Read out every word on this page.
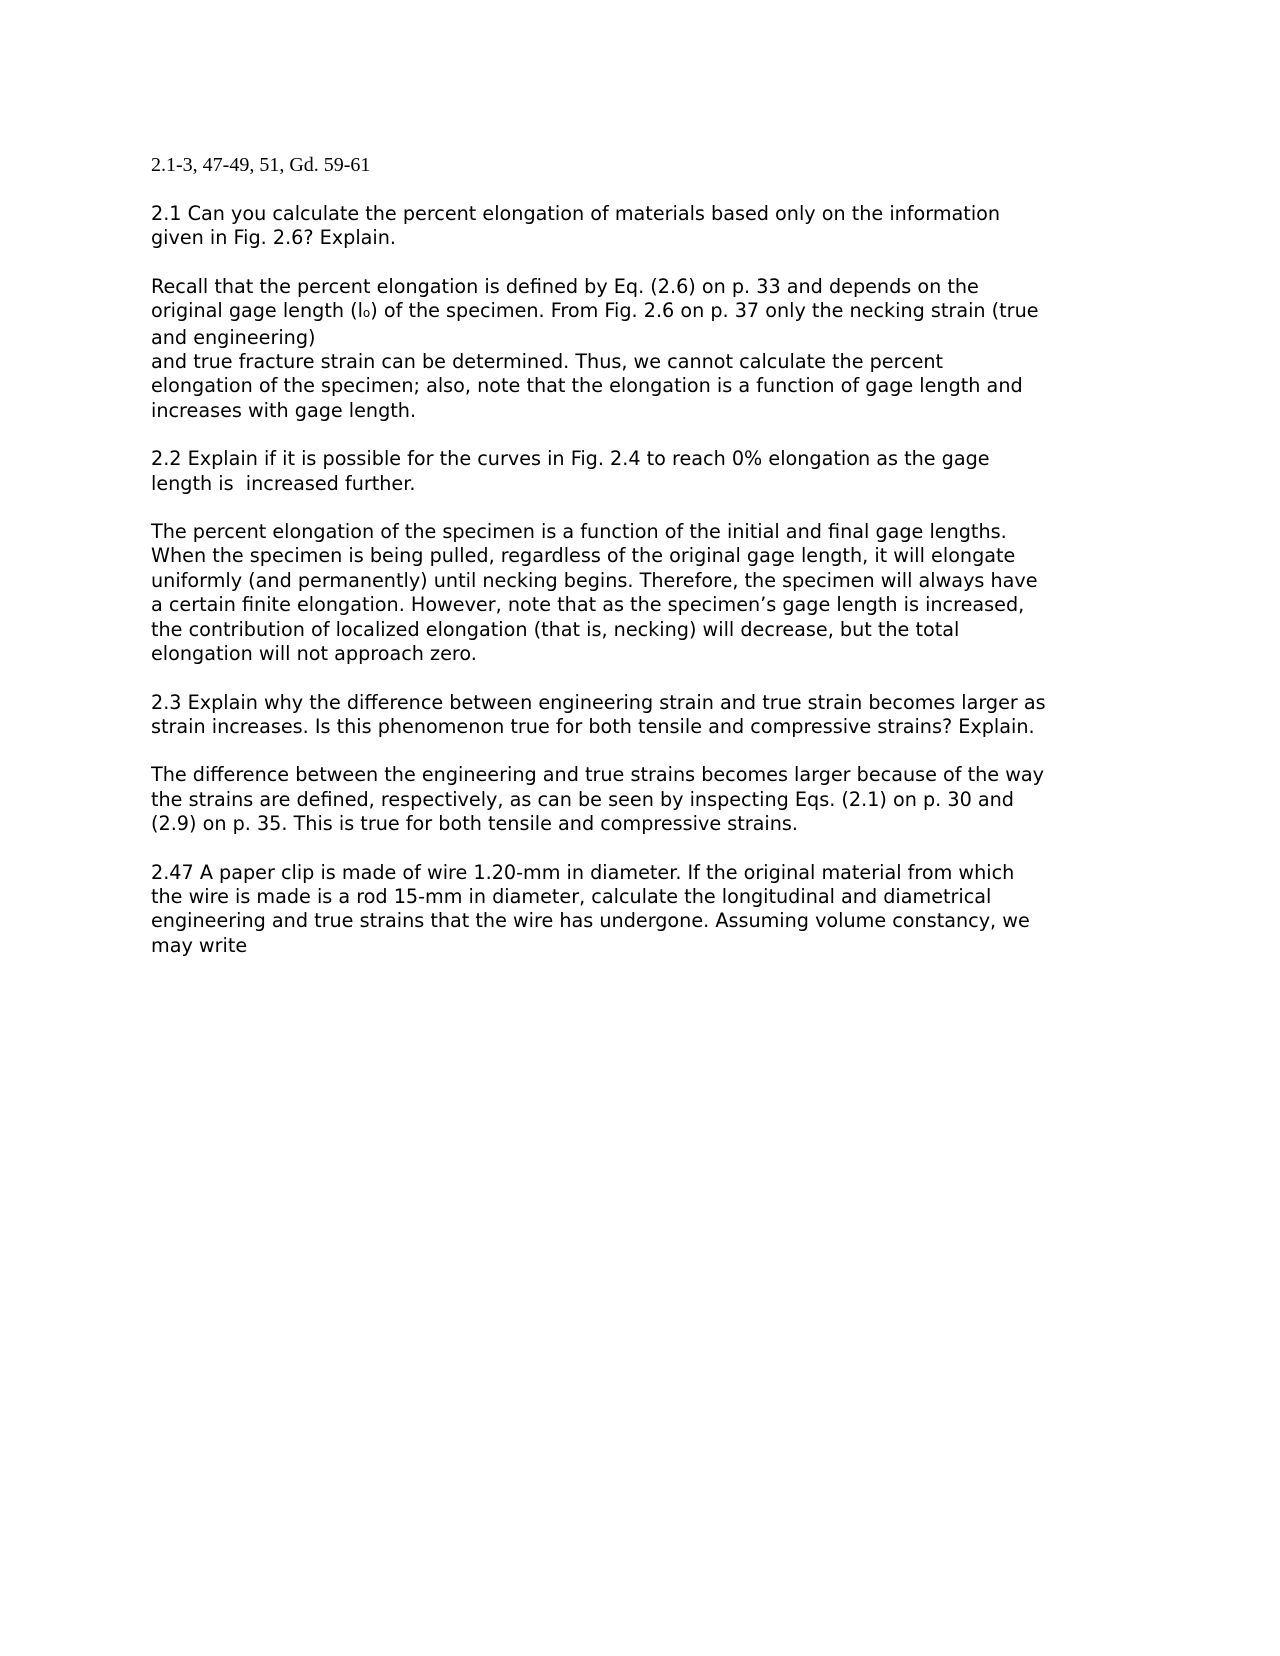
2.1-3, 47-49, 51, Gd. 59-61
2.1 Can you calculate the percent elongation of materials based only on the information
given in Fig. 2.6? Explain.
Recall that the percent elongation is defined by Eq. (2.6) on p. 33 and depends on the
original gage length (lo) of the specimen. From Fig. 2.6 on p. 37 only the necking strain (true
and engineering)
and true fracture strain can be determined. Thus, we cannot calculate the percent
elongation of the specimen; also, note that the elongation is a function of gage length and
increases with gage length.
2.2 Explain if it is possible for the curves in Fig. 2.4 to reach 0% elongation as the gage
length is  increased further.
The percent elongation of the specimen is a function of the initial and final gage lengths.
When the specimen is being pulled, regardless of the original gage length, it will elongate
uniformly (and permanently) until necking begins. Therefore, the specimen will always have
a certain finite elongation. However, note that as the specimen’s gage length is increased,
the contribution of localized elongation (that is, necking) will decrease, but the total
elongation will not approach zero.
2.3 Explain why the difference between engineering strain and true strain becomes larger as
strain increases. Is this phenomenon true for both tensile and compressive strains? Explain.
The difference between the engineering and true strains becomes larger because of the way
the strains are defined, respectively, as can be seen by inspecting Eqs. (2.1) on p. 30 and
(2.9) on p. 35. This is true for both tensile and compressive strains.
2.47 A paper clip is made of wire 1.20-mm in diameter. If the original material from which
the wire is made is a rod 15-mm in diameter, calculate the longitudinal and diametrical
engineering and true strains that the wire has undergone. Assuming volume constancy, we
may write
